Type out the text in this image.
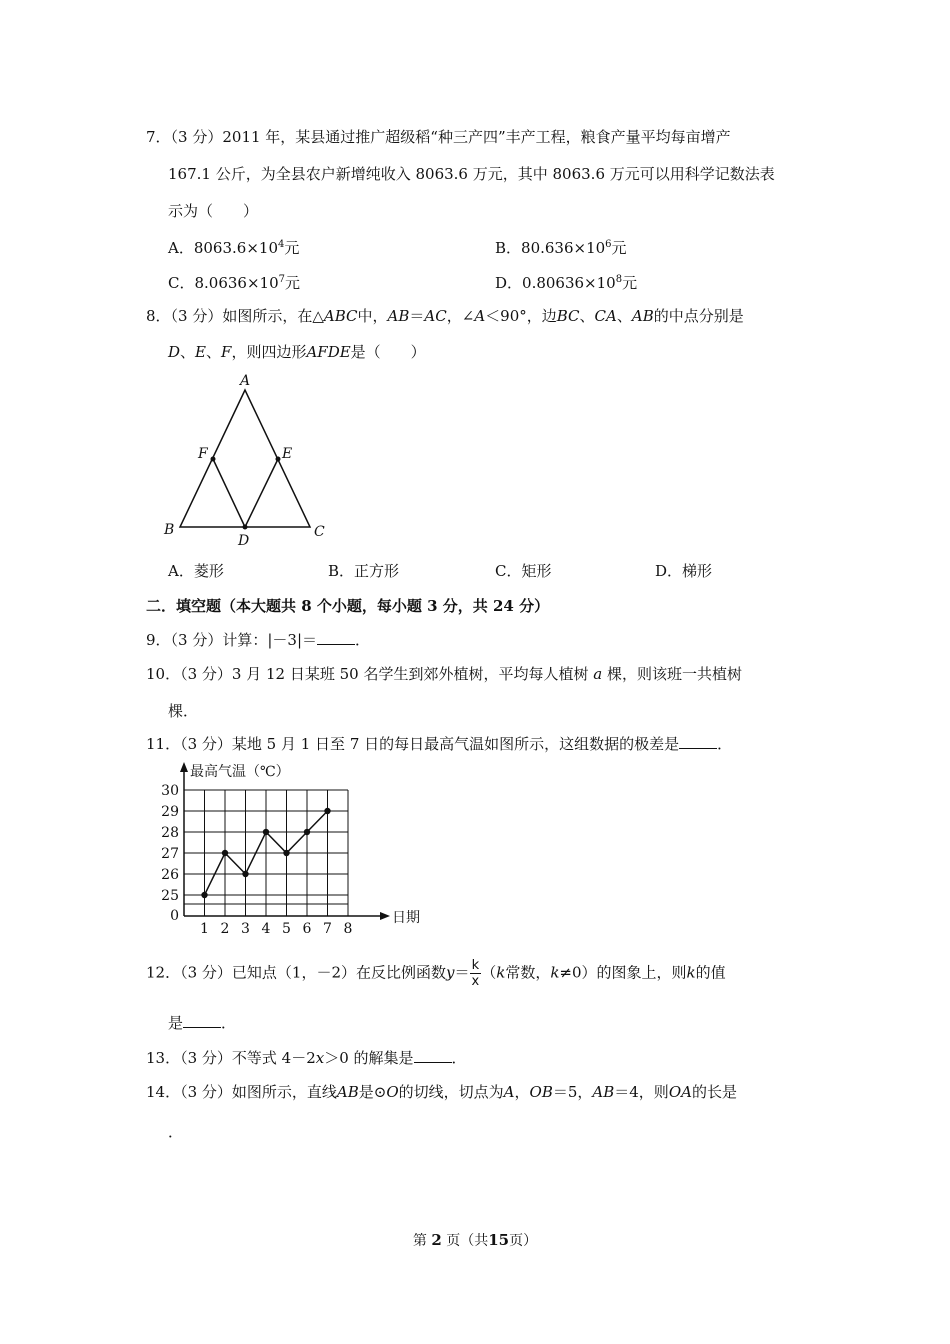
7．（3 分）2011 年，某县通过推广超级稻“种三产四”丰产工程，粮食产量平均每亩增产
167.1 公斤，为全县农户新增纯收入 8063.6 万元，其中 8063.6 万元可以用科学记数法表
示为（　　）
A．$8063.6\times 10^4$元	B．$80.636\times 10^6$元
C．$8.0636\times 10^7$元	D．$0.80636\times 10^8$元
8．（3 分）如图所示，在△ABC中，AB＝AC，∠A＜90°，边BC、CA、AB的中点分别是
D、E、F，则四边形AFDE是（　　）
A
B	C
D
E
F
A．菱形	B．正方形	C．矩形	D．梯形
二．填空题（本大题共 8 个小题，每小题 3 分，共 24 分）
9．（3 分）计算：|－3|＝	．
10．（3 分）3 月 12 日某班 50 名学生到郊外植树，平均每人植树 a 棵，则该班一共植树
棵．
11．（3 分）某地 5 月 1 日至 7 日的每日最高气温如图所示，这组数据的极差是	．
最高气温（℃）
日期
30
29
28
27
26
25
0
1 2 3 4 5 6 7 8
12．（3 分）已知点（1，－2）在反比例函数$y= \frac{k}{x} (k$常数，k≠0）的图象上，则k的值
是	．
13．（3 分）不等式 4－2x＞0 的解集是	．
14．（3 分）如图所示，直线AB是⊙O的切线，切点为A，OB＝5，AB＝4，则OA的长是
．
第 2 页（共15页）
